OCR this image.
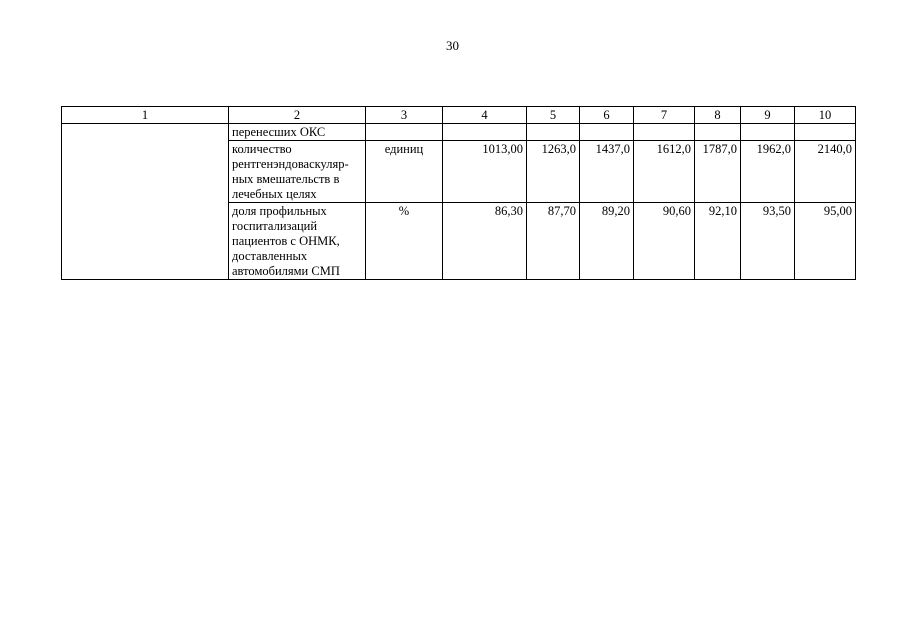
30
1	2	3	4	5	6	7	8	9	10
	перенесших ОКС								
	количество рентгенэндоваскуляр-ных вмешательств в лечебных целях	единиц	1013,00	1263,0	1437,0	1612,0	1787,0	1962,0	2140,0
	доля профильных госпитализаций пациентов с ОНМК, доставленных автомобилями СМП	%	86,30	87,70	89,20	90,60	92,10	93,50	95,00
